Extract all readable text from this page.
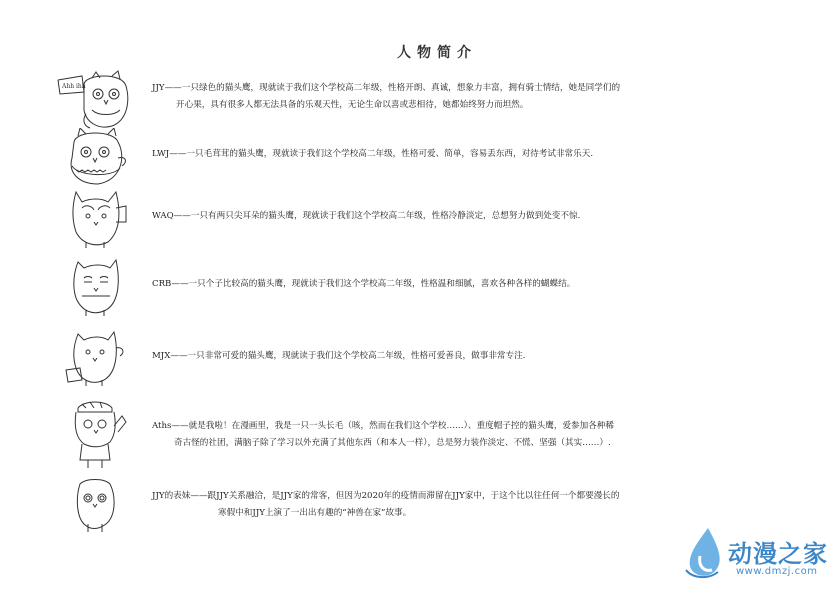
人物简介
Ahh ihh	JJY——一只绿色的猫头鹰，现就读于我们这个学校高二年级，性格开朗、真诚，想象力丰富，拥有骑士情结，她是同学们的
开心果，具有很多人都无法具备的乐观天性，无论生命以喜或悲相待，她都始终努力而坦然。
LWJ——一只毛茸茸的猫头鹰，现就读于我们这个学校高二年级，性格可爱、简单，容易丢东西，对待考试非常乐天.
WAQ——一只有两只尖耳朵的猫头鹰，现就读于我们这个学校高二年级，性格冷静淡定，总想努力做到处变不惊.
CRB——一只个子比较高的猫头鹰，现就读于我们这个学校高二年级，性格温和细腻，喜欢各种各样的蝴蝶结。
MJX——一只非常可爱的猫头鹰，现就读于我们这个学校高二年级，性格可爱善良，做事非常专注.
Aths——就是我啦！在漫画里，我是一只一头长毛（咳，然而在我们这个学校……）、重度帽子控的猫头鹰，爱参加各种稀
奇古怪的社团，满脑子除了学习以外充满了其他东西（和本人一样），总是努力装作淡定、不慌、坚强（其实……）.
JJY的表妹——跟JJY关系融洽，是JJY家的常客，但因为2020年的疫情而滞留在JJY家中，于这个比以往任何一个都要漫长的
寒假中和JJY上演了一出出有趣的“神兽在家”故事。
动漫之家
www.dmzj.com
